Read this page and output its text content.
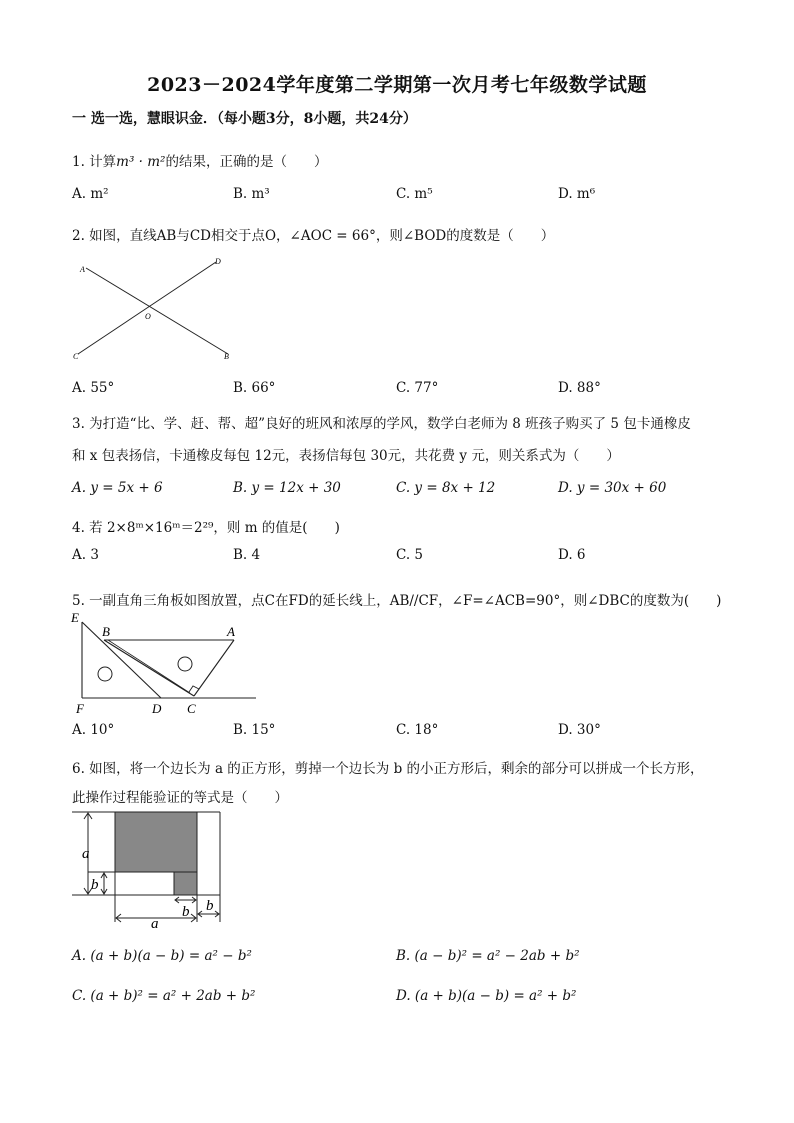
2023－2024学年度第二学期第一次月考七年级数学试题
一 选一选，慧眼识金．（每小题3分，8小题，共24分）
1. 计算m³ · m²的结果，正确的是（　　）
A. m²	B. m³	C. m⁵	D. m⁶
2. 如图，直线AB与CD相交于点O，∠AOC = 66°，则∠BOD的度数是（　　）
A
D
O
C	B
A. 55°	B. 66°	C. 77°	D. 88°
3. 为打造“比、学、赶、帮、超”良好的班风和浓厚的学风，数学白老师为 8 班孩子购买了 5 包卡通橡皮
和 x 包表扬信，卡通橡皮每包 12元，表扬信每包 30元，共花费 y 元，则关系式为（　　）
A. y = 5x + 6	B. y = 12x + 30	C. y = 8x + 12	D. y = 30x + 60
4. 若 2×8ᵐ×16ᵐ＝2²⁹，则 m 的值是(　　)
A. 3	B. 4	C. 5	D. 6
5. 一副直角三角板如图放置，点C在FD的延长线上，AB//CF，∠F=∠ACB=90°，则∠DBC的度数为(　　)
E
B	A
F	D C
A. 10°	B. 15°	C. 18°	D. 30°
6. 如图，将一个边长为 a 的正方形，剪掉一个边长为 b 的小正方形后，剩余的部分可以拼成一个长方形，
此操作过程能验证的等式是（　　）
a
b
a
b b
A. (a + b)(a − b) = a² − b²	B. (a − b)² = a² − 2ab + b²
C. (a + b)² = a² + 2ab + b²	D. (a + b)(a − b) = a² + b²
